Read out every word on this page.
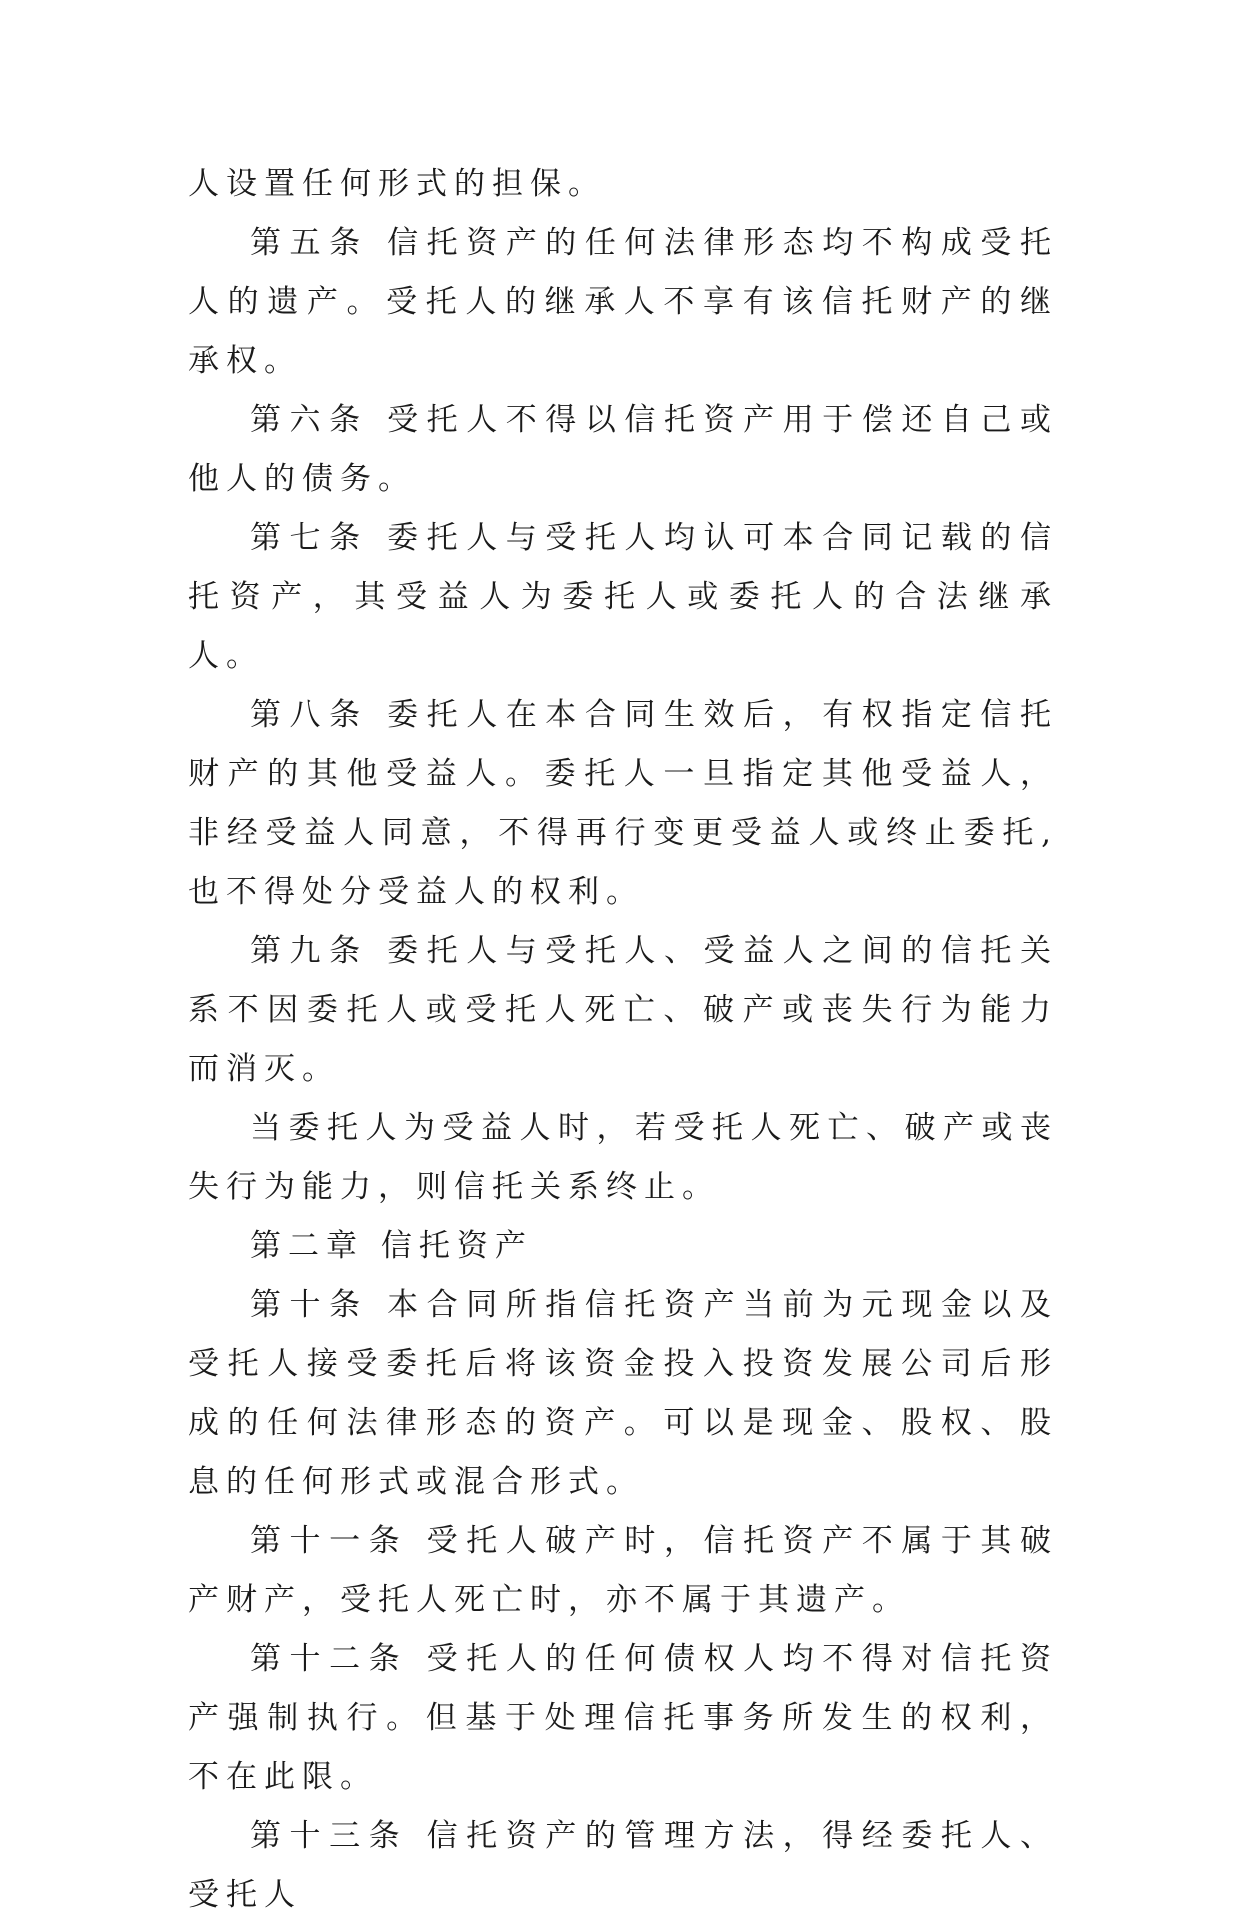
人设置任何形式的担保。

第五条 信托资产的任何法律形态均不构成受托人的遗产。受托人的继承人不享有该信托财产的继承权。

第六条 受托人不得以信托资产用于偿还自己或他人的债务。

第七条 委托人与受托人均认可本合同记载的信托资产，其受益人为委托人或委托人的合法继承人。

第八条 委托人在本合同生效后，有权指定信托财产的其他受益人。委托人一旦指定其他受益人，非经受益人同意，不得再行变更受益人或终止委托,也不得处分受益人的权利。

第九条 委托人与受托人、受益人之间的信托关系不因委托人或受托人死亡、破产或丧失行为能力而消灭。

当委托人为受益人时，若受托人死亡、破产或丧失行为能力，则信托关系终止。

第二章 信托资产

第十条 本合同所指信托资产当前为元现金以及受托人接受委托后将该资金投入投资发展公司后形成的任何法律形态的资产。可以是现金、股权、股息的任何形式或混合形式。

第十一条 受托人破产时，信托资产不属于其破产财产，受托人死亡时，亦不属于其遗产。

第十二条 受托人的任何债权人均不得对信托资产强制执行。但基于处理信托事务所发生的权利，不在此限。

第十三条 信托资产的管理方法，得经委托人、受托人
